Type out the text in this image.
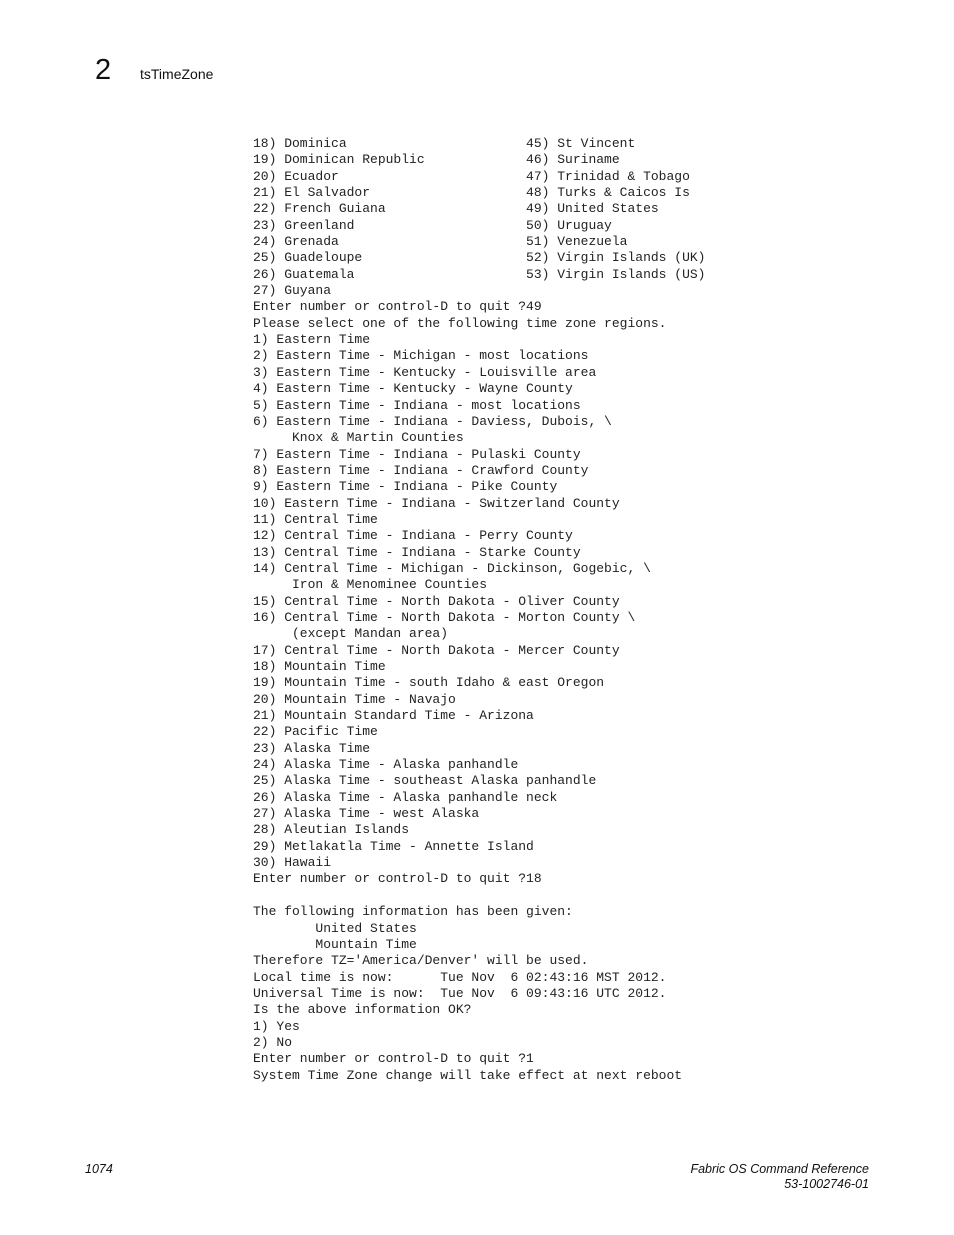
2 tsTimeZone
18) Dominica                       45) St Vincent
19) Dominican Republic             46) Suriname
20) Ecuador                        47) Trinidad & Tobago
21) El Salvador                    48) Turks & Caicos Is
22) French Guiana                  49) United States
23) Greenland                      50) Uruguay
24) Grenada                        51) Venezuela
25) Guadeloupe                     52) Virgin Islands (UK)
26) Guatemala                      53) Virgin Islands (US)
27) Guyana
Enter number or control-D to quit ?49
Please select one of the following time zone regions.
1) Eastern Time
2) Eastern Time - Michigan - most locations
3) Eastern Time - Kentucky - Louisville area
4) Eastern Time - Kentucky - Wayne County
5) Eastern Time - Indiana - most locations
6) Eastern Time - Indiana - Daviess, Dubois, \
Knox & Martin Counties
7) Eastern Time - Indiana - Pulaski County
8) Eastern Time - Indiana - Crawford County
9) Eastern Time - Indiana - Pike County
10) Eastern Time - Indiana - Switzerland County
11) Central Time
12) Central Time - Indiana - Perry County
13) Central Time - Indiana - Starke County
14) Central Time - Michigan - Dickinson, Gogebic, \
Iron & Menominee Counties
15) Central Time - North Dakota - Oliver County
16) Central Time - North Dakota - Morton County \
(except Mandan area)
17) Central Time - North Dakota - Mercer County
18) Mountain Time
19) Mountain Time - south Idaho & east Oregon
20) Mountain Time - Navajo
21) Mountain Standard Time - Arizona
22) Pacific Time
23) Alaska Time
24) Alaska Time - Alaska panhandle
25) Alaska Time - southeast Alaska panhandle
26) Alaska Time - Alaska panhandle neck
27) Alaska Time - west Alaska
28) Aleutian Islands
29) Metlakatla Time - Annette Island
30) Hawaii
Enter number or control-D to quit ?18
The following information has been given:
United States
Mountain Time
Therefore TZ='America/Denver' will be used.
Local time is now:      Tue Nov  6 02:43:16 MST 2012.
Universal Time is now:  Tue Nov  6 09:43:16 UTC 2012.
Is the above information OK?
1) Yes
2) No
Enter number or control-D to quit ?1
System Time Zone change will take effect at next reboot
1074	Fabric OS Command Reference
53-1002746-01
